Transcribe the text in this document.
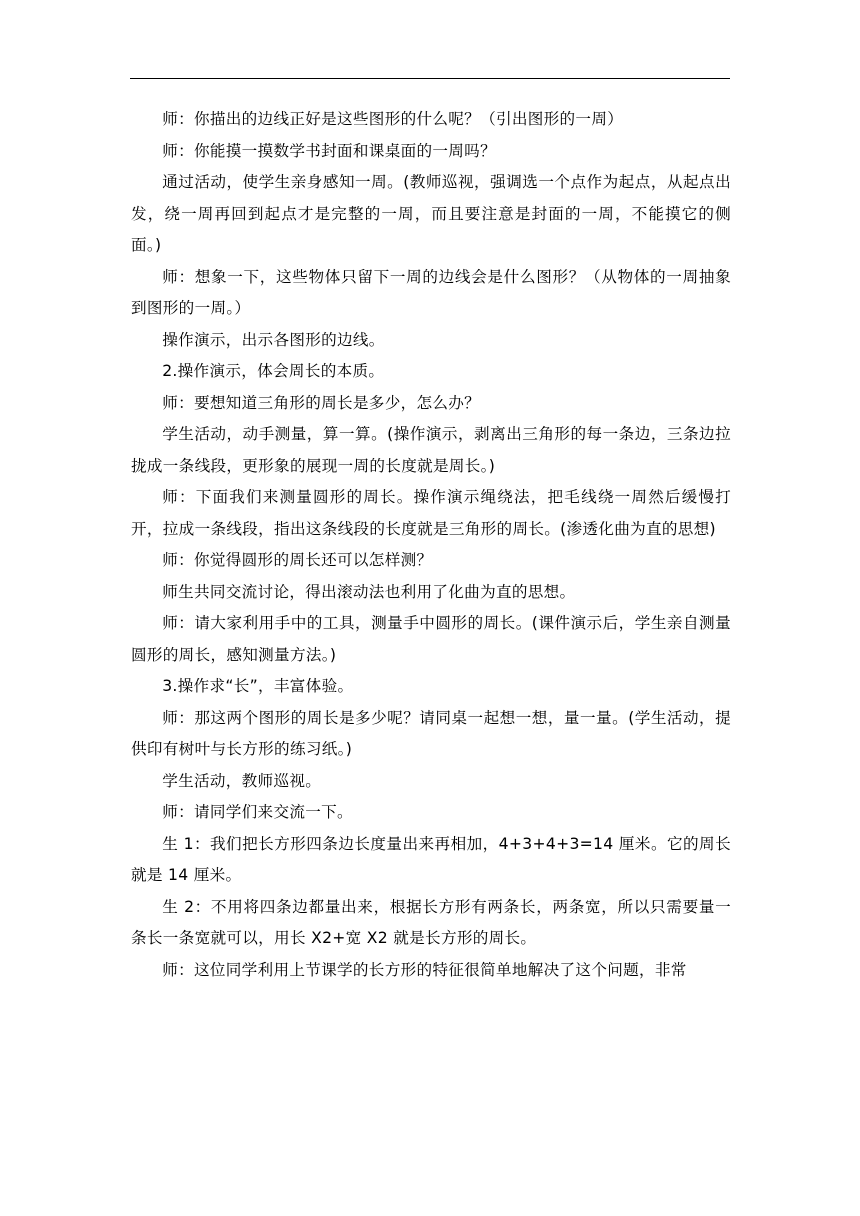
师：你描出的边线正好是这些图形的什么呢？（引出图形的一周）

师：你能摸一摸数学书封面和课桌面的一周吗？

通过活动，使学生亲身感知一周。(教师巡视，强调选一个点作为起点，从起点出发，绕一周再回到起点才是完整的一周，而且要注意是封面的一周，不能摸它的侧面。)

师：想象一下，这些物体只留下一周的边线会是什么图形？（从物体的一周抽象到图形的一周。）

操作演示，出示各图形的边线。

2.操作演示，体会周长的本质。

师：要想知道三角形的周长是多少，怎么办？

学生活动，动手测量，算一算。(操作演示，剥离出三角形的每一条边，三条边拉拢成一条线段，更形象的展现一周的长度就是周长。)

师：下面我们来测量圆形的周长。操作演示绳绕法，把毛线绕一周然后缓慢打开，拉成一条线段，指出这条线段的长度就是三角形的周长。(渗透化曲为直的思想)

师：你觉得圆形的周长还可以怎样测？

师生共同交流讨论，得出滚动法也利用了化曲为直的思想。

师：请大家利用手中的工具，测量手中圆形的周长。(课件演示后，学生亲自测量圆形的周长，感知测量方法。)

3.操作求“长”，丰富体验。

师：那这两个图形的周长是多少呢？请同桌一起想一想，量一量。(学生活动，提供印有树叶与长方形的练习纸。)

学生活动，教师巡视。

师：请同学们来交流一下。

生 1：我们把长方形四条边长度量出来再相加，4+3+4+3=14 厘米。它的周长就是 14 厘米。

生 2：不用将四条边都量出来，根据长方形有两条长，两条宽，所以只需要量一条长一条宽就可以，用长 X2+宽 X2 就是长方形的周长。

师：这位同学利用上节课学的长方形的特征很简单地解决了这个问题，非常
